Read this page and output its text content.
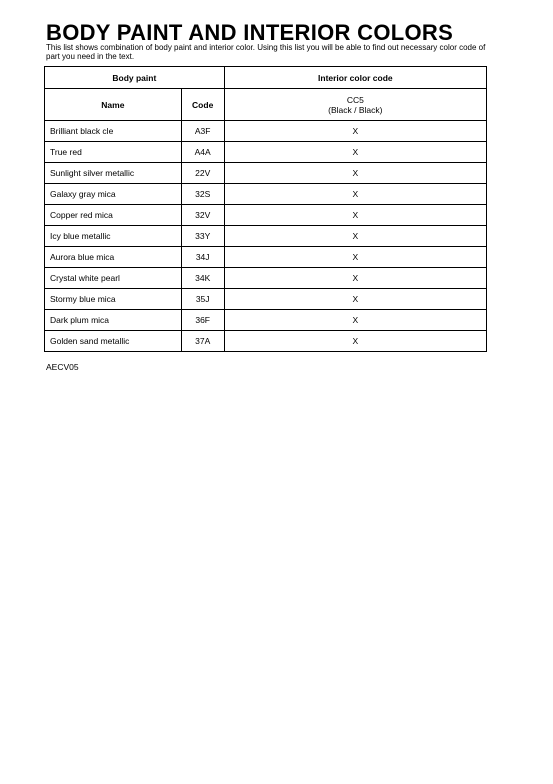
BODY PAINT AND INTERIOR COLORS
This list shows combination of body paint and interior color. Using this list you will be able to find out necessary color code of part you need in the text.
Body paint		Interior color code
Name	Code	CC5
(Black / Black)

Brilliant black cle	A3F	X
True red	A4A	X
Sunlight silver metallic	22V	X
Galaxy gray mica	32S	X
Copper red mica	32V	X
Icy blue metallic	33Y	X
Aurora blue mica	34J	X
Crystal white pearl	34K	X
Stormy blue mica	35J	X
Dark plum mica	36F	X
Golden sand metallic	37A	X
AECV05
